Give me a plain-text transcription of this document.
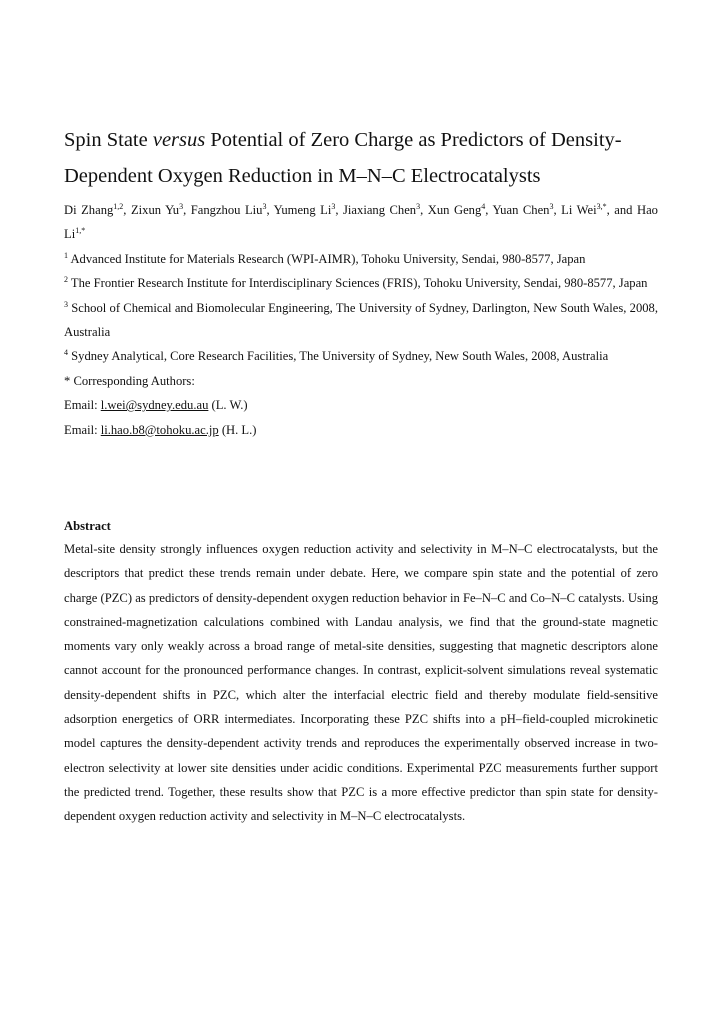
Spin State versus Potential of Zero Charge as Predictors of Density-Dependent Oxygen Reduction in M–N–C Electrocatalysts

Di Zhang$^{1,2}$, Zixun Yu$^3$, Fangzhou Liu$^3$, Yumeng Li$^3$, Jiaxiang Chen$^3$, Xun Geng$^4$, Yuan Chen$^3$, Li Wei$^{3,*}$, and Hao $Li^{1,*}$

$^1$ Advanced Institute for Materials Research (WPI-AIMR), Tohoku University, Sendai, 980-8577, Japan

$^2$ The Frontier Research Institute for Interdisciplinary Sciences (FRIS), Tohoku University, Sendai, 980-8577, Japan

$^3$ School of Chemical and Biomolecular Engineering, The University of Sydney, Darlington, New South Wales, 2008, Australia

$^4$ Sydney Analytical, Core Research Facilities, The University of Sydney, New South Wales, 2008, Australia

* Corresponding Authors:

Email: l.wei@sydney.edu.au (L. W.)

Email: li.hao.b8@tohoku.ac.jp (H. L.)

Abstract

Metal-site density strongly influences oxygen reduction activity and selectivity in M–N–C electrocatalysts, but the descriptors that predict these trends remain under debate. Here, we compare spin state and the potential of zero charge (PZC) as predictors of density-dependent oxygen reduction behavior in Fe–N–C and Co–N–C catalysts. Using constrained-magnetization calculations combined with Landau analysis, we find that the ground-state magnetic moments vary only weakly across a broad range of metal-site densities, suggesting that magnetic descriptors alone cannot account for the pronounced performance changes. In contrast, explicit-solvent simulations reveal systematic density-dependent shifts in PZC, which alter the interfacial electric field and thereby modulate field-sensitive adsorption energetics of ORR intermediates. Incorporating these PZC shifts into a pH–field-coupled microkinetic model captures the density-dependent activity trends and reproduces the experimentally observed increase in two-electron selectivity at lower site densities under acidic conditions. Experimental PZC measurements further support the predicted trend. Together, these results show that PZC is a more effective predictor than spin state for density-dependent oxygen reduction activity and selectivity in M–N–C electrocatalysts.
